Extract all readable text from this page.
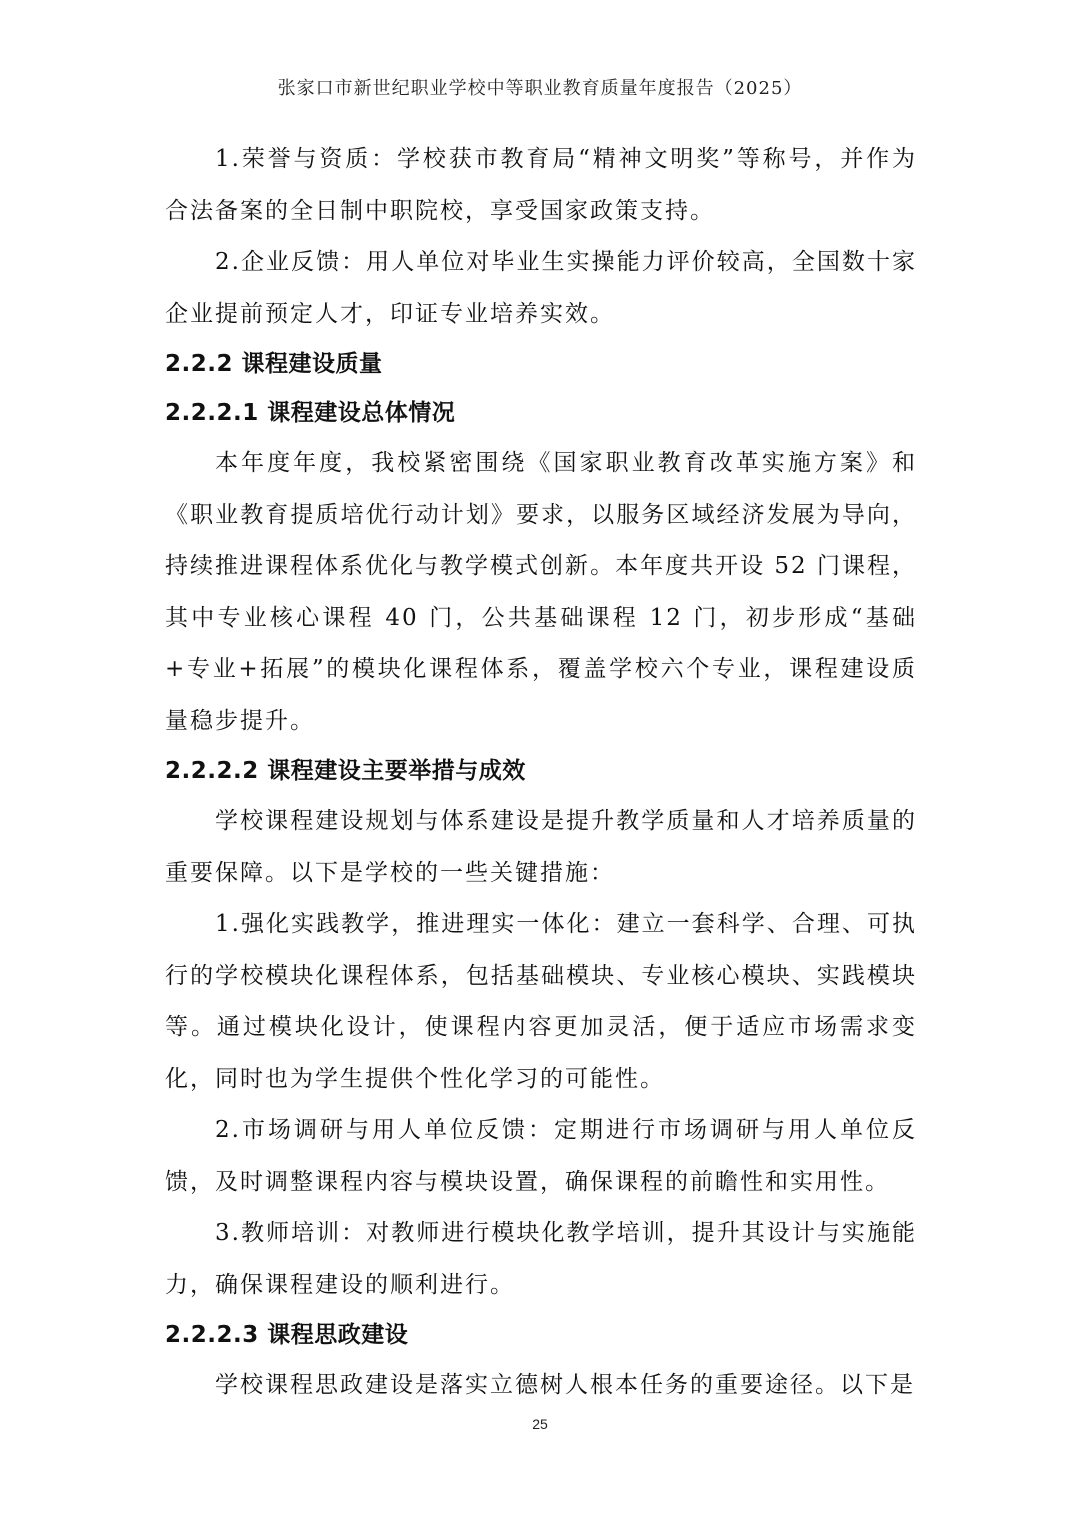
张家口市新世纪职业学校中等职业教育质量年度报告（2025）

1.荣誉与资质：学校获市教育局“精神文明奖”等称号，并作为合法备案的全日制中职院校，享受国家政策支持。

2.企业反馈：用人单位对毕业生实操能力评价较高，全国数十家企业提前预定人才，印证专业培养实效。

2.2.2 课程建设质量
2.2.2.1 课程建设总体情况

本年度年度，我校紧密围绕《国家职业教育改革实施方案》和《职业教育提质培优行动计划》要求，以服务区域经济发展为导向，持续推进课程体系优化与教学模式创新。本年度共开设 52 门课程，其中专业核心课程 40 门，公共基础课程 12 门，初步形成“基础+专业+拓展”的模块化课程体系，覆盖学校六个专业，课程建设质量稳步提升。

2.2.2.2 课程建设主要举措与成效

学校课程建设规划与体系建设是提升教学质量和人才培养质量的重要保障。以下是学校的一些关键措施：

1.强化实践教学，推进理实一体化：建立一套科学、合理、可执行的学校模块化课程体系，包括基础模块、专业核心模块、实践模块等。通过模块化设计，使课程内容更加灵活，便于适应市场需求变化，同时也为学生提供个性化学习的可能性。

2.市场调研与用人单位反馈：定期进行市场调研与用人单位反馈，及时调整课程内容与模块设置，确保课程的前瞻性和实用性。

3.教师培训：对教师进行模块化教学培训，提升其设计与实施能力，确保课程建设的顺利进行。

2.2.2.3 课程思政建设

学校课程思政建设是落实立德树人根本任务的重要途径。以下是

25
